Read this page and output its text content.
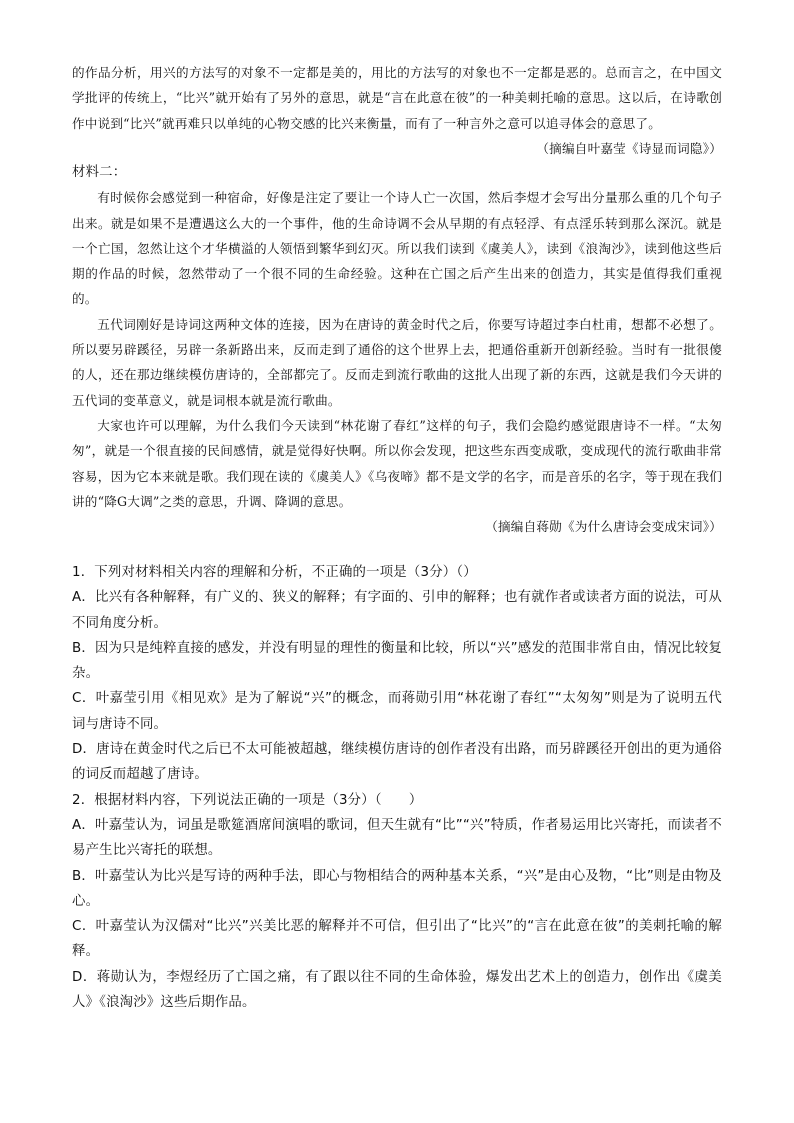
的作品分析，用兴的方法写的对象不一定都是美的，用比的方法写的对象也不一定都是恶的。总而言之，在中国文学批评的传统上，“比兴”就开始有了另外的意思，就是“言在此意在彼”的一种美刺托喻的意思。这以后，在诗歌创作中说到“比兴”就再难只以单纯的心物交感的比兴来衡量，而有了一种言外之意可以追寻体会的意思了。

（摘编自叶嘉莹《诗显而词隐》）

材料二：

有时候你会感觉到一种宿命，好像是注定了要让一个诗人亡一次国，然后李煜才会写出分量那么重的几个句子出来。就是如果不是遭遇这么大的一个事件，他的生命诗调不会从早期的有点轻浮、有点淫乐转到那么深沉。就是一个亡国，忽然让这个才华横溢的人领悟到繁华到幻灭。所以我们读到《虞美人》，读到《浪淘沙》，读到他这些后期的作品的时候，忽然带动了一个很不同的生命经验。这种在亡国之后产生出来的创造力，其实是值得我们重视的。

五代词刚好是诗词这两种文体的连接，因为在唐诗的黄金时代之后，你要写诗超过李白杜甫，想都不必想了。所以要另辟蹊径，另辟一条新路出来，反而走到了通俗的这个世界上去，把通俗重新开创新经验。当时有一批很傻的人，还在那边继续模仿唐诗的，全部都完了。反而走到流行歌曲的这批人出现了新的东西，这就是我们今天讲的五代词的变革意义，就是词根本就是流行歌曲。

大家也许可以理解，为什么我们今天读到“林花谢了春红”这样的句子，我们会隐约感觉跟唐诗不一样。“太匆匆”，就是一个很直接的民间感情，就是觉得好快啊。所以你会发现，把这些东西变成歌，变成现代的流行歌曲非常容易，因为它本来就是歌。我们现在读的《虞美人》《乌夜啼》都不是文学的名字，而是音乐的名字，等于现在我们讲的“降G大调”之类的意思，升调、降调的意思。

（摘编自蒋勋《为什么唐诗会变成宋词》）

1．下列对材料相关内容的理解和分析，不正确的一项是（3分）（）

A．比兴有各种解释，有广义的、狭义的解释；有字面的、引申的解释；也有就作者或读者方面的说法，可从不同角度分析。

B．因为只是纯粹直接的感发，并没有明显的理性的衡量和比较，所以“兴”感发的范围非常自由，情况比较复杂。

C．叶嘉莹引用《相见欢》是为了解说“兴”的概念，而蒋勋引用“林花谢了春红”“太匆匆”则是为了说明五代词与唐诗不同。

D．唐诗在黄金时代之后已不太可能被超越，继续模仿唐诗的创作者没有出路，而另辟蹊径开创出的更为通俗的词反而超越了唐诗。

2．根据材料内容，下列说法正确的一项是（3分）（　　）

A．叶嘉莹认为，词虽是歌筵酒席间演唱的歌词，但天生就有“比”“兴”特质，作者易运用比兴寄托，而读者不易产生比兴寄托的联想。

B．叶嘉莹认为比兴是写诗的两种手法，即心与物相结合的两种基本关系，“兴”是由心及物，“比”则是由物及心。

C．叶嘉莹认为汉儒对“比兴”兴美比恶的解释并不可信，但引出了“比兴”的“言在此意在彼”的美刺托喻的解释。

D．蒋勋认为，李煜经历了亡国之痛，有了跟以往不同的生命体验，爆发出艺术上的创造力，创作出《虞美人》《浪淘沙》这些后期作品。
